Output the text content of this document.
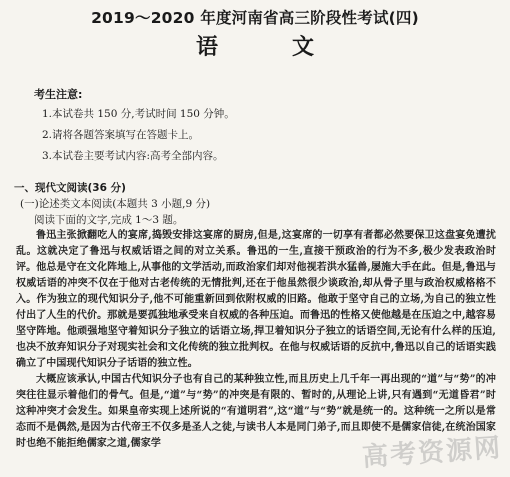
2019～2020 年度河南省高三阶段性考试(四)
语　文
考生注意:
1.本试卷共 150 分,考试时间 150 分钟。
2.请将各题答案填写在答题卡上。
3.本试卷主要考试内容:高考全部内容。
一、现代文阅读(36 分)
(一)论述类文本阅读(本题共 3 小题,9 分)
阅读下面的文字,完成 1～3 题。

鲁迅主张掀翻吃人的宴席,捣毁安排这宴席的厨房,但是,这宴席的一切享有者都必然要保卫这盘宴免遭扰乱。这就决定了鲁迅与权威话语之间的对立关系。鲁迅的一生,直接干预政治的行为不多,极少发表政治时评。他总是守在文化阵地上,从事他的文学活动,而政治家们却对他视若洪水猛兽,屡施大手在此。但是,鲁迅与权威话语的冲突不仅在于他对古老传统的无情批判,还在于他虽然很少谈政治,却从骨子里与政治权威格格不入。作为独立的现代知识分子,他不可能重新回到依附权威的旧路。他敢于坚守自己的立场,为自己的独立性付出了人生的代价。那就是要孤独地承受来自权威的各种压迫。而鲁迅的性格又使他越是在压迫之中,越容易坚守阵地。他顽强地坚守着知识分子独立的话语立场,捍卫着知识分子独立的话语空间,无论有什么样的压迫,也决不放弃知识分子对现实社会和文化传统的独立批判权。在他与权威话语的反抗中,鲁迅以自己的话语实践确立了中国现代知识分子话语的独立性。

大概应该承认,中国古代知识分子也有自己的某种独立性,而且历史上几千年一再出现的“道”与“势”的冲突往往显示着他们的骨气。但是,“道”与“势”的冲突是有限的、暂时的,从理论上讲,只有遇到“无道昏君”时这种冲突才会发生。如果皇帝实现上述所说的“有道明君”,这“道”与“势”就是统一的。这种统一之所以是常态而不是偶然,是因为古代帝王不仅多是圣人之徒,与读书人本是同门弟子,而且即使不是儒家信徒,在统治国家时也绝不能拒绝儒家之道,儒家学	高考资源网
